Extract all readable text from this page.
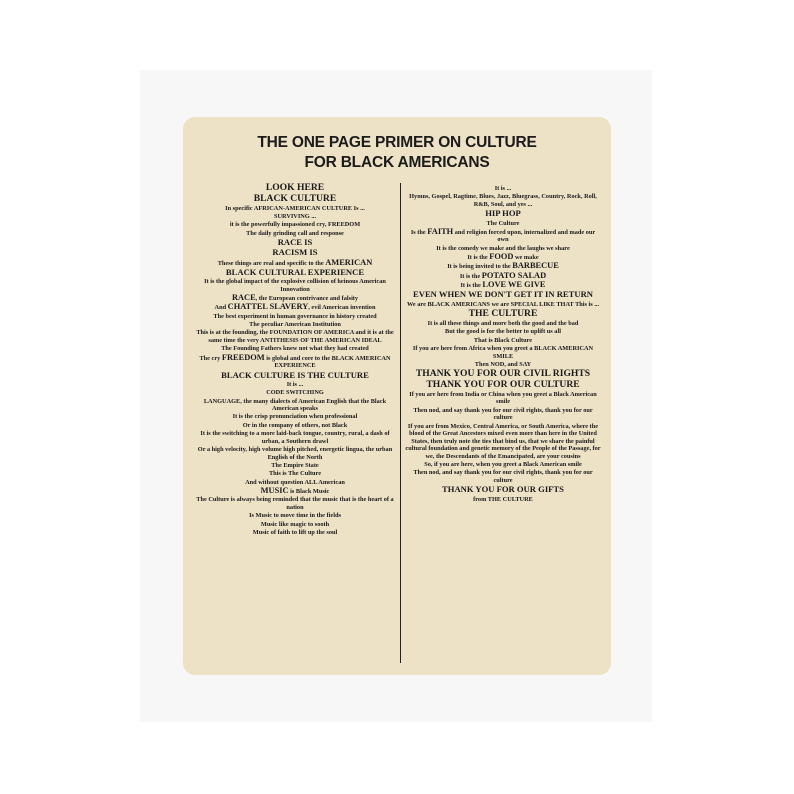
THE ONE PAGE PRIMER ON CULTURE
FOR BLACK AMERICANS
LOOK HERE
BLACK CULTURE
In specific AFRICAN-AMERICAN CULTURE Is ...
SURVIVING ...
it is the powerfully impassioned cry, FREEDOM
The daily grinding call and response
RACE IS
RACISM IS
These things are real and specific to the AMERICAN
BLACK CULTURAL EXPERIENCE
It is the global impact of the explosive collision of heinous American Innovation
RACE, the European contrivance and falsity
And CHATTEL SLAVERY, evil American invention
The best experiment in human governance in history created
The peculiar American Institution
This is at the founding, the FOUNDATION OF AMERICA and it is at the same time the very ANTITHESIS OF THE AMERICAN IDEAL
The Founding Fathers knew not what they had created
The cry FREEDOM is global and core to the BLACK AMERICAN EXPERIENCE
BLACK CULTURE IS THE CULTURE
It is ...
CODE SWITCHING
LANGUAGE, the many dialects of American English that the Black American speaks
It is the crisp pronunciation when professional
Or in the company of others, not Black
It is the switching to a more laid-back tongue, country, rural, a dash of urban, a Southern drawl
Or a high velocity, high volume high pitched, energetic lingua, the urban English of the North
The Empire State
This is The Culture
And without question ALL American
MUSIC is Black Music
The Culture is always being reminded that the music that is the heart of a nation
Is Music to move time in the fields
Music like magic to sooth
Music of faith to lift up the soul
It is ...
Hymns, Gospel, Ragtime, Blues, Jazz, Bluegrass, Country, Rock, Roll, R&B, Soul, and yes ...
HIP HOP
The Culture
Is the FAITH and religion forced upon, internalized and made our own
It is the comedy we make and the laughs we share
It is the FOOD we make
It is being invited to the BARBECUE
It is the POTATO SALAD
It is the LOVE WE GIVE
EVEN WHEN WE DON'T GET IT IN RETURN
We are BLACK AMERICANS we are SPECIAL LIKE THAT This is ...
THE CULTURE
It is all these things and more both the good and the bad
But the good is for the better to uplift us all
That is Black Culture
If you are here from Africa when you greet a BLACK AMERICAN SMILE
Then NOD, and SAY
THANK YOU FOR OUR CIVIL RIGHTS
THANK YOU FOR OUR CULTURE
If you are here from India or China when you greet a Black American smile
Then nod, and say thank you for our civil rights, thank you for our culture
If you are from Mexico, Central America, or South America, where the blood of the Great Ancestors mixed even more than here in the United States, then truly note the ties that bind us, that we share the painful cultural foundation and genetic memory of the People of the Passage, for we, the Descendants of the Emancipated, are your cousins
So, if you are here, when you greet a Black American smile
Then nod, and say thank you for our civil rights, thank you for our culture
THANK YOU FOR OUR GIFTS
from THE CULTURE
